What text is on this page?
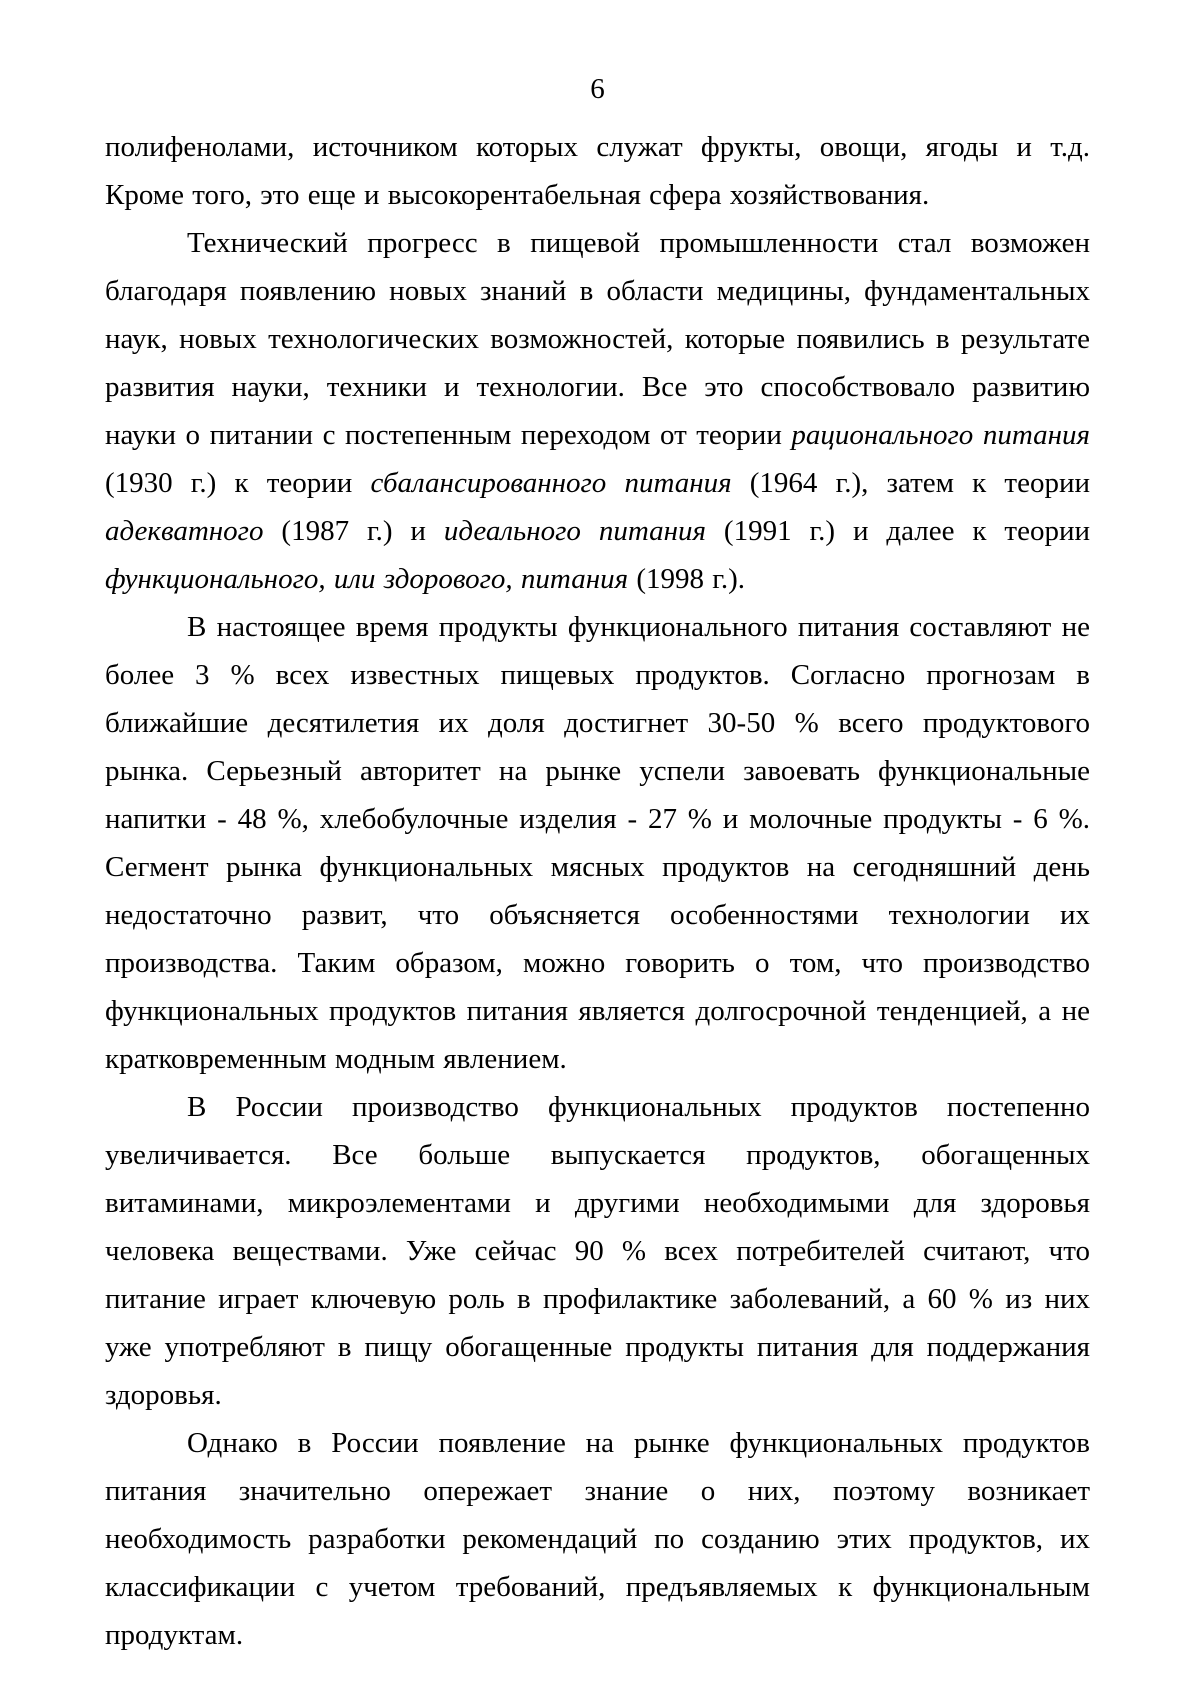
6

полифенолами, источником которых служат фрукты, овощи, ягоды и т.д. Кроме того, это еще и высокорентабельная сфера хозяйствования.

Технический прогресс в пищевой промышленности стал возможен благодаря появлению новых знаний в области медицины, фундаментальных наук, новых технологических возможностей, которые появились в результате развития науки, техники и технологии. Все это способствовало развитию науки о питании с постепенным переходом от теории рационального питания (1930 г.) к теории сбалансированного питания (1964 г.), затем к теории адекватного (1987 г.) и идеального питания (1991 г.) и далее к теории функционального, или здорового, питания (1998 г.).

В настоящее время продукты функционального питания составляют не более 3 % всех известных пищевых продуктов. Согласно прогнозам в ближайшие десятилетия их доля достигнет 30-50 % всего продуктового рынка. Серьезный авторитет на рынке успели завоевать функциональные напитки - 48 %, хлебобулочные изделия - 27 % и молочные продукты - 6 %. Сегмент рынка функциональных мясных продуктов на сегодняшний день недостаточно развит, что объясняется особенностями технологии их производства. Таким образом, можно говорить о том, что производство функциональных продуктов питания является долгосрочной тенденцией, а не кратковременным модным явлением.

В России производство функциональных продуктов постепенно увеличивается. Все больше выпускается продуктов, обогащенных витаминами, микроэлементами и другими необходимыми для здоровья человека веществами. Уже сейчас 90 % всех потребителей считают, что питание играет ключевую роль в профилактике заболеваний, а 60 % из них уже употребляют в пищу обогащенные продукты питания для поддержания здоровья.

Однако в России появление на рынке функциональных продуктов питания значительно опережает знание о них, поэтому возникает необходимость разработки рекомендаций по созданию этих продуктов, их классификации с учетом требований, предъявляемых к функциональным продуктам.
